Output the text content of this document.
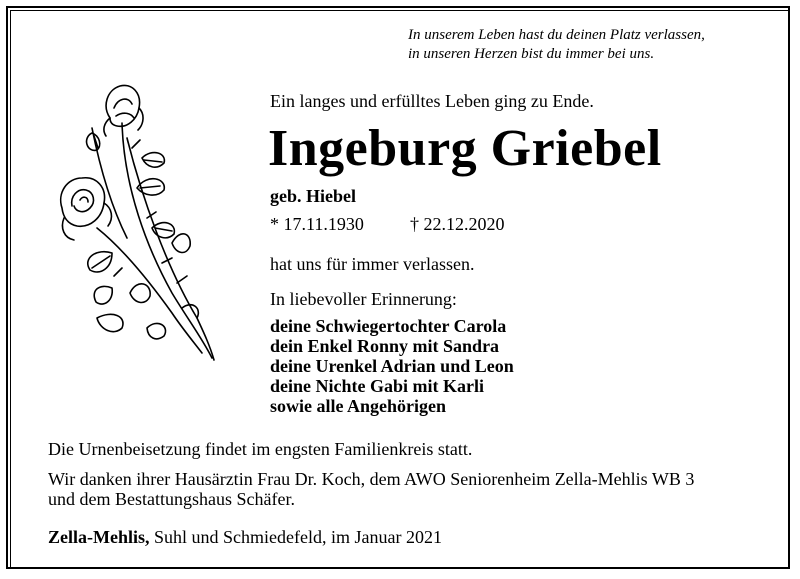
In unserem Leben hast du deinen Platz verlassen,
in unseren Herzen bist du immer bei uns.
Ein langes und erfülltes Leben ging zu Ende.
Ingeburg Griebel
geb. Hiebel
* 17.11.1930	† 22.12.2020
hat uns für immer verlassen.
In liebevoller Erinnerung:
deine Schwiegertochter Carola
dein Enkel Ronny mit Sandra
deine Urenkel Adrian und Leon
deine Nichte Gabi mit Karli
sowie alle Angehörigen
Die Urnenbeisetzung findet im engsten Familienkreis statt.
Wir danken ihrer Hausärztin Frau Dr. Koch, dem AWO Seniorenheim Zella-Mehlis WB 3
und dem Bestattungshaus Schäfer.
Zella-Mehlis, Suhl und Schmiedefeld, im Januar 2021
